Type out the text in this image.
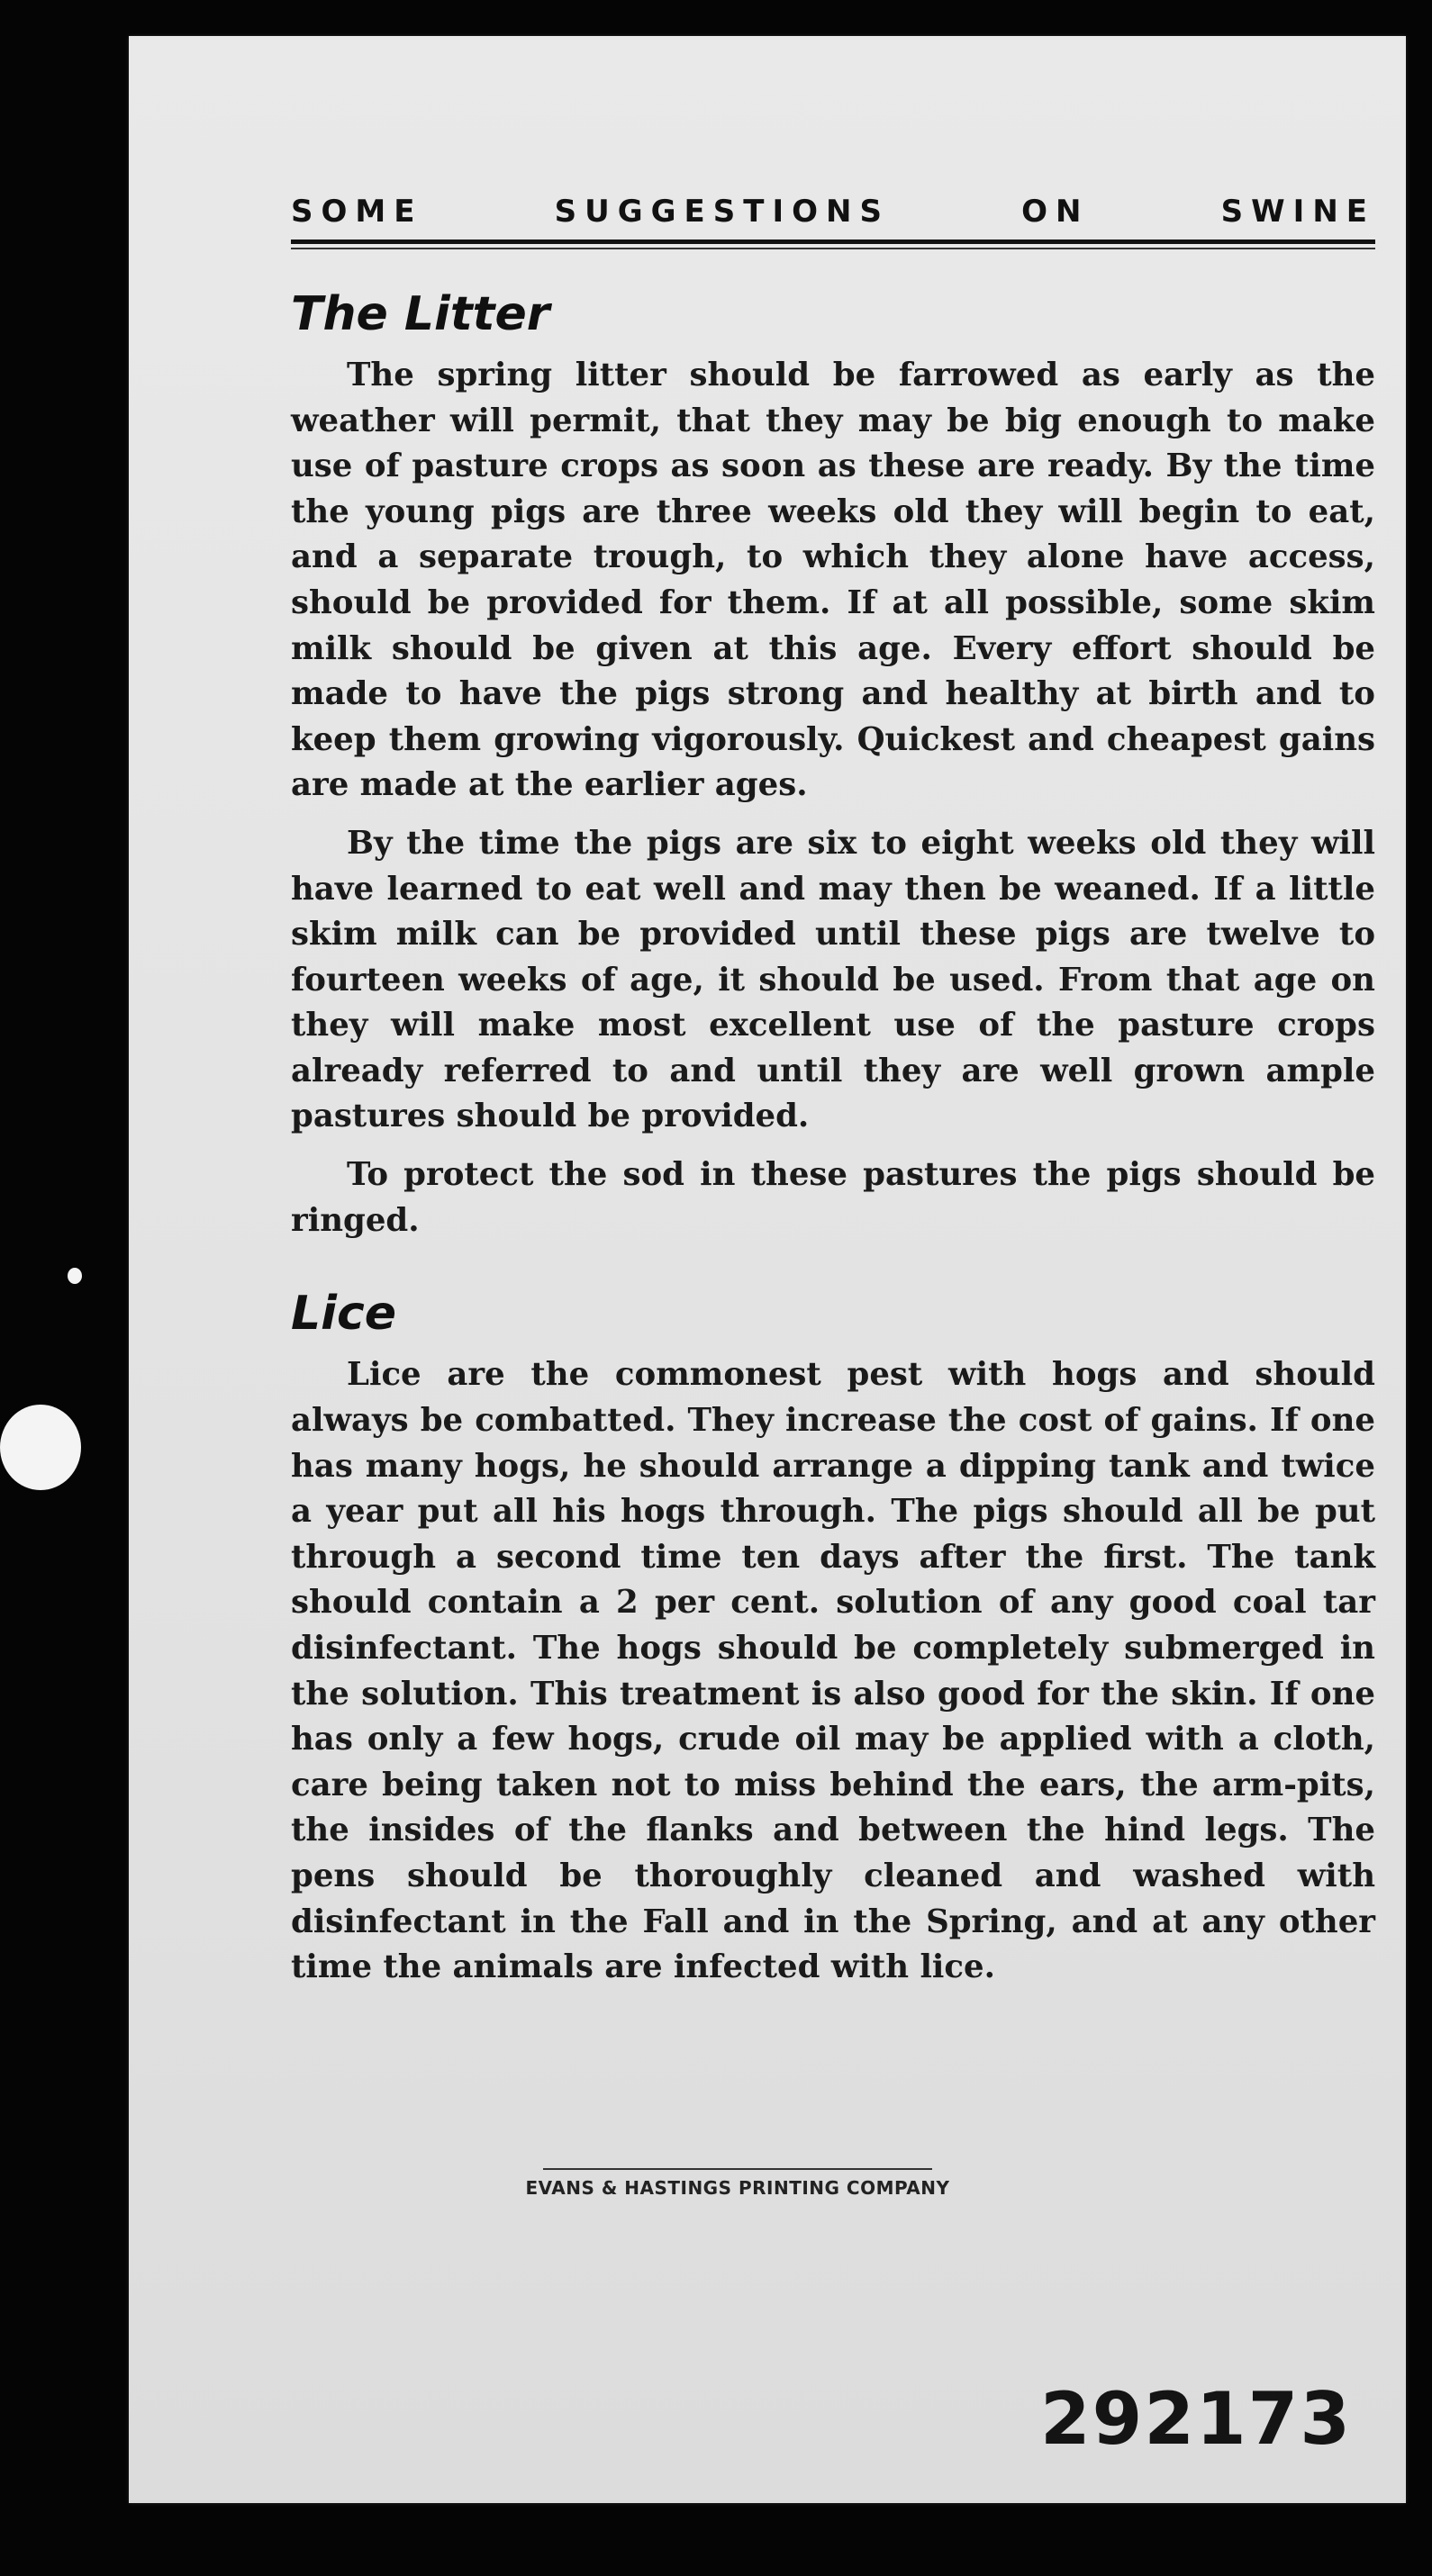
SOME SUGGESTIONS ON SWINE
The Litter

The spring litter should be farrowed as early as the weather will permit, that they may be big enough to make use of pasture crops as soon as these are ready. By the time the young pigs are three weeks old they will begin to eat, and a separate trough, to which they alone have access, should be provided for them. If at all possible, some skim milk should be given at this age. Every effort should be made to have the pigs strong and healthy at birth and to keep them growing vigorously. Quickest and cheapest gains are made at the earlier ages.

By the time the pigs are six to eight weeks old they will have learned to eat well and may then be weaned. If a little skim milk can be provided until these pigs are twelve to fourteen weeks of age, it should be used. From that age on they will make most excellent use of the pasture crops already referred to and until they are well grown ample pastures should be provided.

To protect the sod in these pastures the pigs should be ringed.

Lice

Lice are the commonest pest with hogs and should always be combatted. They increase the cost of gains. If one has many hogs, he should arrange a dipping tank and twice a year put all his hogs through. The pigs should all be put through a second time ten days after the first. The tank should contain a 2 per cent. solution of any good coal tar disinfectant. The hogs should be completely submerged in the solution. This treatment is also good for the skin. If one has only a few hogs, crude oil may be applied with a cloth, care being taken not to miss behind the ears, the arm-pits, the insides of the flanks and between the hind legs. The pens should be thoroughly cleaned and washed with disinfectant in the Fall and in the Spring, and at any other time the animals are infected with lice.

EVANS & HASTINGS PRINTING COMPANY
292173
